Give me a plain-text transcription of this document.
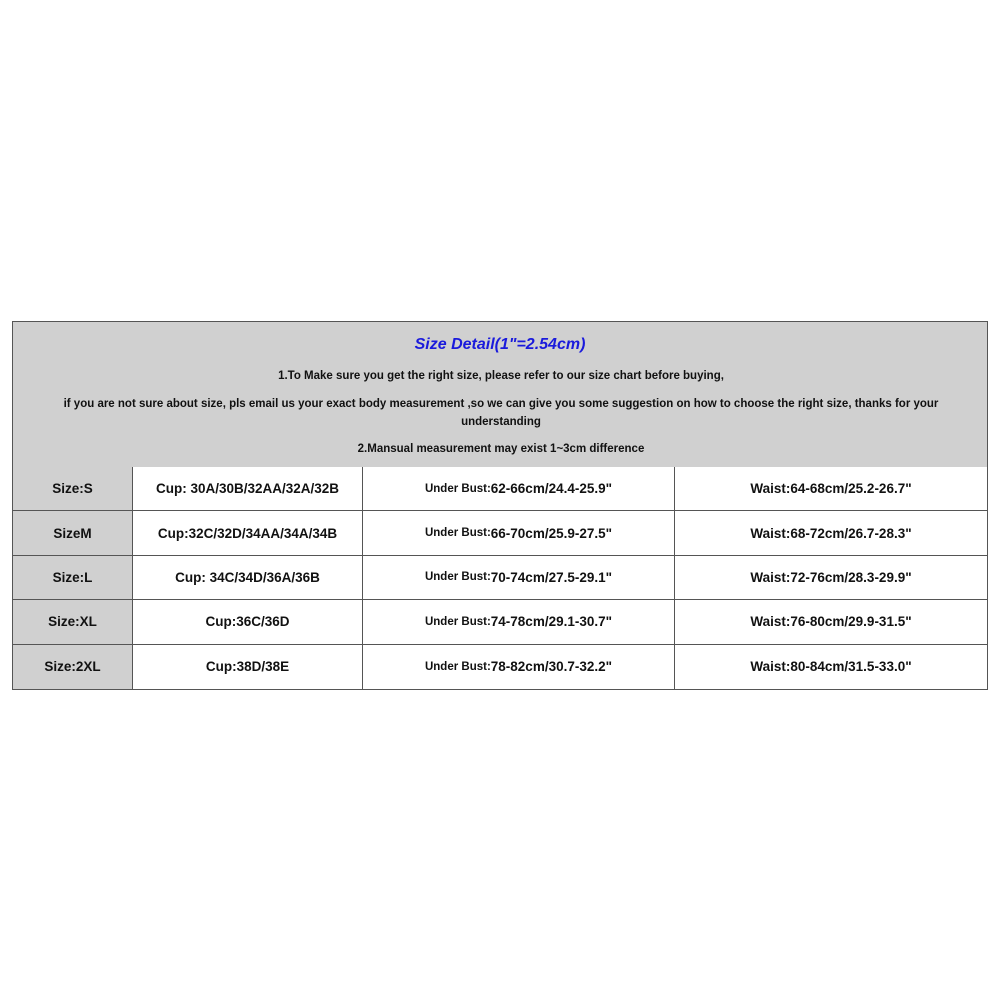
Size Detail(1"=2.54cm)
1.To Make sure you get the right size, please refer to our size chart before buying,
if you are not sure about size, pls email us your exact body measurement ,so we can give you some suggestion on how to choose the right size, thanks for your understanding
2.Mansual measurement may exist 1~3cm difference
Size:S	Cup: 30A/30B/32AA/32A/32B	Under Bust: 62-66cm/24.4-25.9"	Waist:64-68cm/25.2-26.7"
SizeM	Cup:32C/32D/34AA/34A/34B	Under Bust: 66-70cm/25.9-27.5"	Waist:68-72cm/26.7-28.3"
Size:L	Cup: 34C/34D/36A/36B	Under Bust: 70-74cm/27.5-29.1"	Waist:72-76cm/28.3-29.9"
Size:XL	Cup:36C/36D	Under Bust: 74-78cm/29.1-30.7"	Waist:76-80cm/29.9-31.5"
Size:2XL	Cup:38D/38E	Under Bust: 78-82cm/30.7-32.2"	Waist:80-84cm/31.5-33.0"
